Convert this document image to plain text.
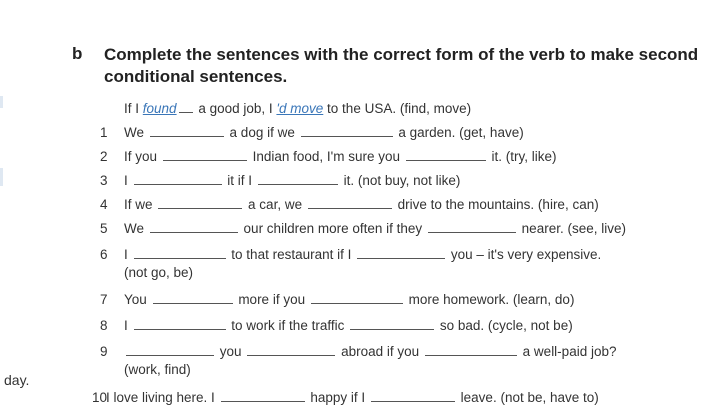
day.
b Complete the sentences with the correct form of the verb to make second conditional sentences.
If I found a good job, I 'd move to the USA. (find, move)
1 We	a dog if we	a garden. (get, have)
2 If you	Indian food, I'm sure you	it. (try, like)
3 I	it if I	it. (not buy, not like)
4 If we	a car, we	drive to the mountains. (hire, can)
5 We	our children more often if they	nearer. (see, live)
6 I	to that restaurant if I	you – it's very expensive.
(not go, be)
7 You	more if you	more homework. (learn, do)
8 I	to work if the traffic	so bad. (cycle, not be)
9	you	abroad if you	a well-paid job?
(work, find)
10I love living here. I	happy if I	leave. (not be, have to)
